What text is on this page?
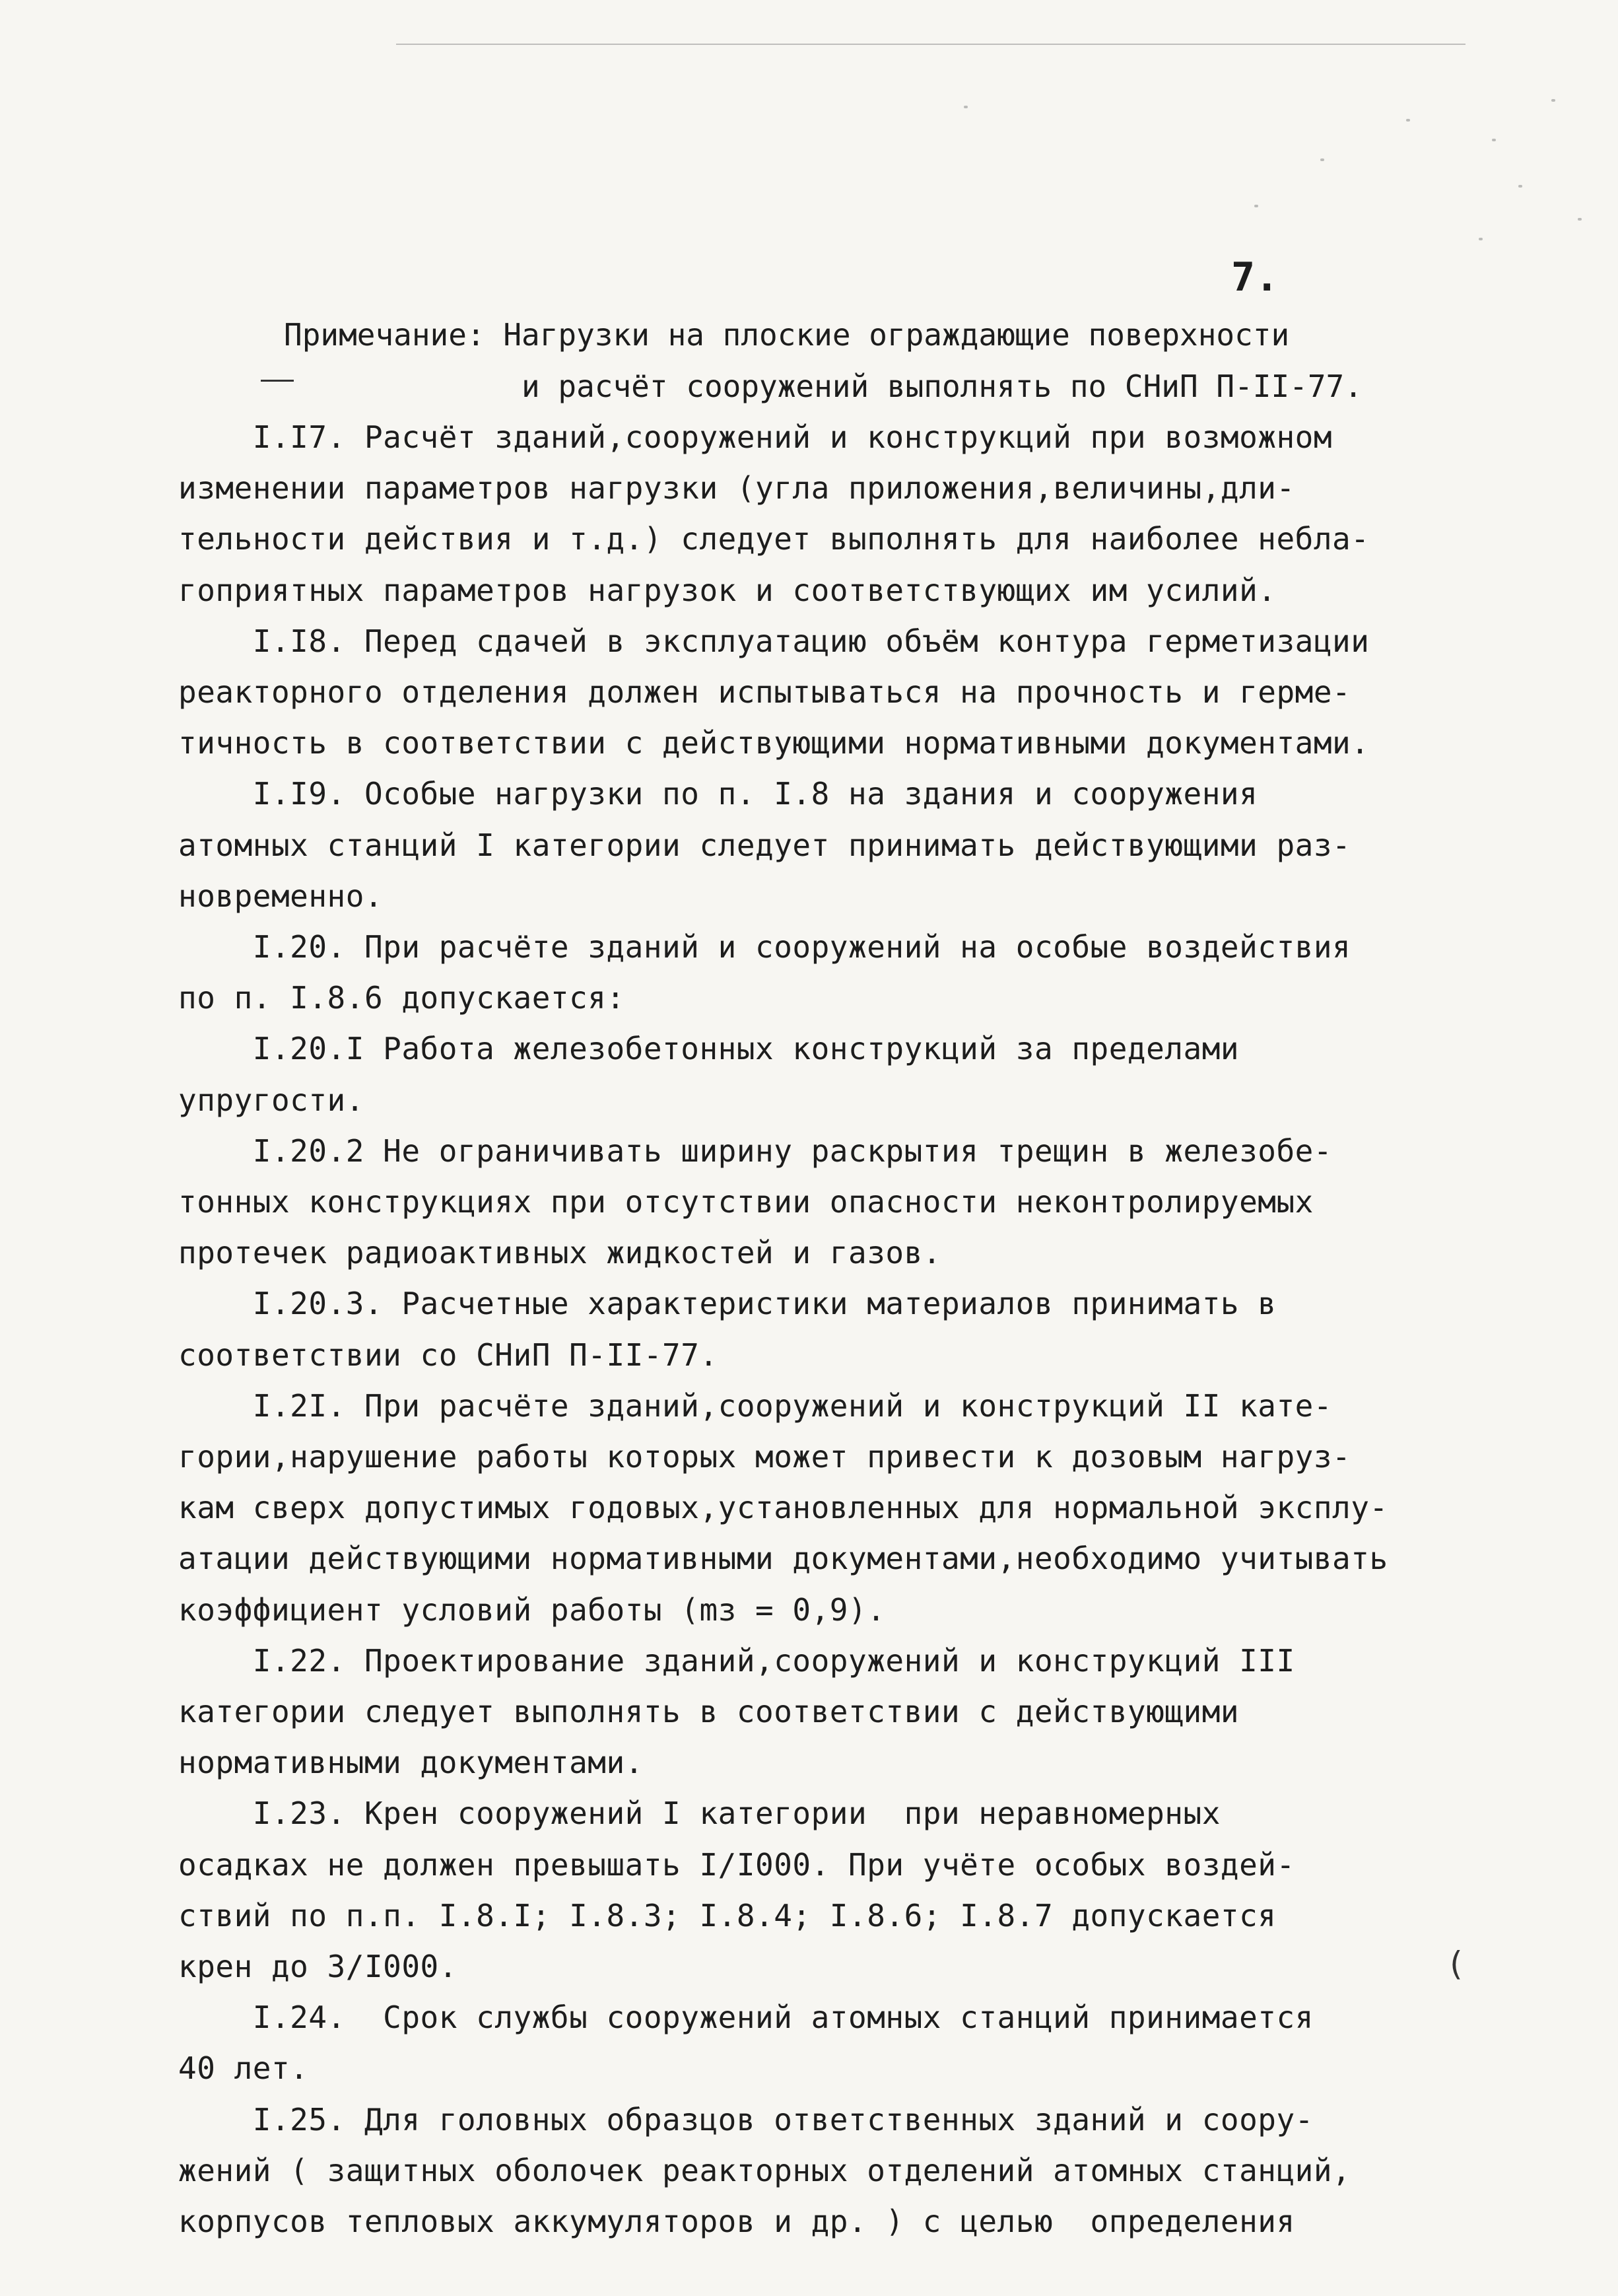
7.
Примечание: Нагрузки на плоские ограждающие поверхности
и расчёт сооружений выполнять по СНиП П-II-77.
I.I7. Расчёт зданий,сооружений и конструкций при возможном
изменении параметров нагрузки (угла приложения,величины,дли-
тельности действия и т.д.) следует выполнять для наиболее небла-
гоприятных параметров нагрузок и соответствующих им усилий.
I.I8. Перед сдачей в эксплуатацию объём контура герметизации
реакторного отделения должен испытываться на прочность и герме-
тичность в соответствии с действующими нормативными документами.
I.I9. Особые нагрузки по п. I.8 на здания и сооружения
атомных станций I категории следует принимать действующими раз-
новременно.
I.20. При расчёте зданий и сооружений на особые воздействия
по п. I.8.6 допускается:
I.20.I Работа железобетонных конструкций за пределами
упругости.
I.20.2 Не ограничивать ширину раскрытия трещин в железобе-
тонных конструкциях при отсутствии опасности неконтролируемых
протечек радиоактивных жидкостей и газов.
I.20.3. Расчетные характеристики материалов принимать в
соответствии со СНиП П-II-77.
I.2I. При расчёте зданий,сооружений и конструкций II кате-
гории,нарушение работы которых может привести к дозовым нагруз-
кам сверх допустимых годовых,установленных для нормальной эксплу-
атации действующими нормативными документами,необходимо учитывать
коэффициент условий работы (mз = 0,9).
I.22. Проектирование зданий,сооружений и конструкций III
категории следует выполнять в соответствии с действующими
нормативными документами.
I.23. Крен сооружений I категории  при неравномерных
осадках не должен превышать I/I000. При учёте особых воздей-
ствий по п.п. I.8.I; I.8.3; I.8.4; I.8.6; I.8.7 допускается
крен до 3/I000.
I.24.  Срок службы сооружений атомных станций принимается
40 лет.
I.25. Для головных образцов ответственных зданий и соору-
жений ( защитных оболочек реакторных отделений атомных станций,
корпусов тепловых аккумуляторов и др. ) с целью  определения
(
